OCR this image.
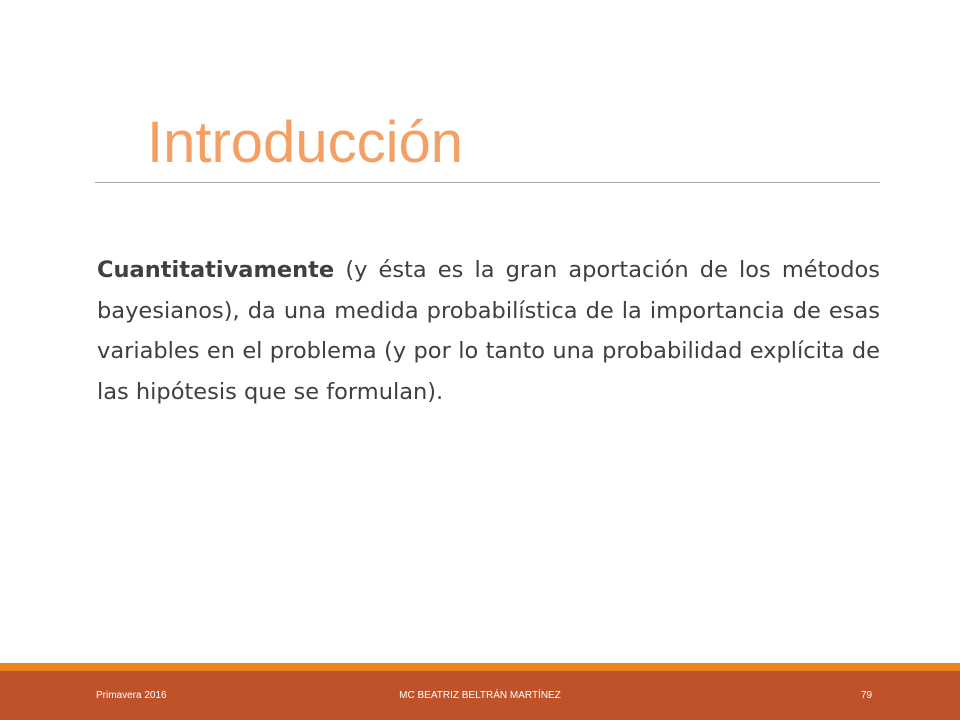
Introducción

Cuantitativamente (y ésta es la gran aportación de los métodos bayesianos), da una medida probabilística de la importancia de esas variables en el problema (y por lo tanto una probabilidad explícita de las hipótesis que se formulan).

Primavera 2016	MC BEATRIZ BELTRÁN MARTÍNEZ	79
